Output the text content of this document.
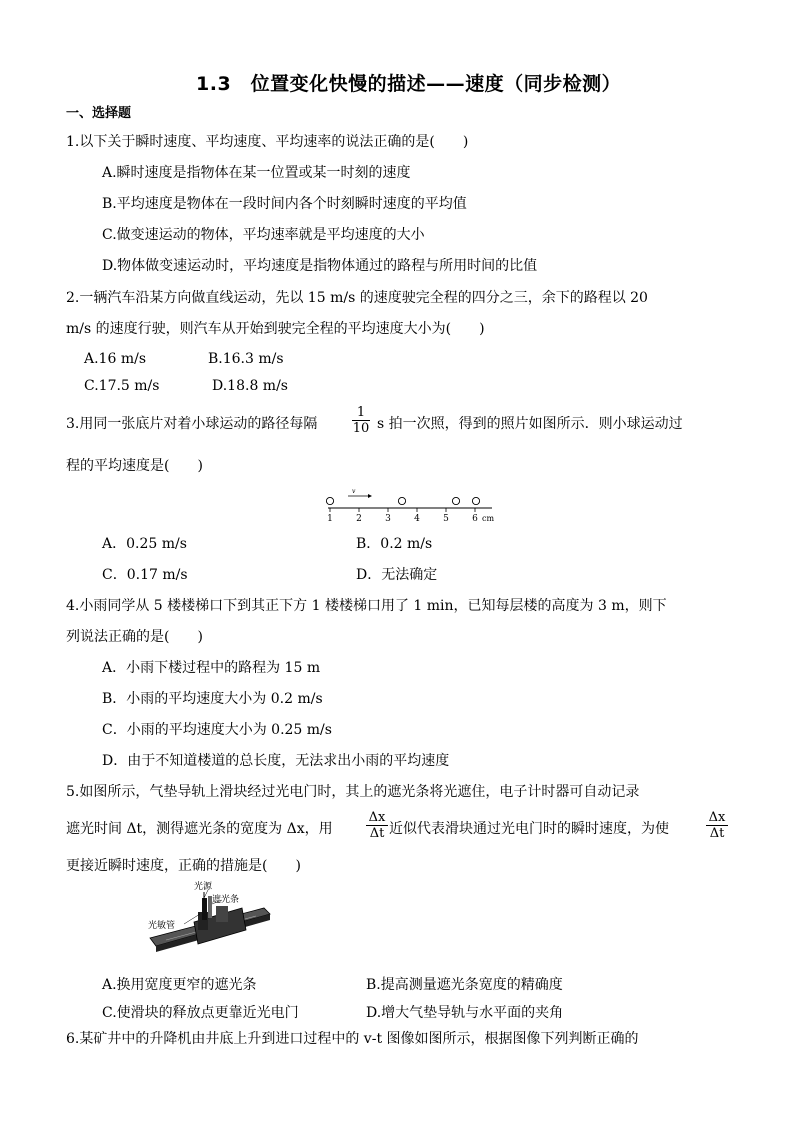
1.3　位置变化快慢的描述——速度（同步检测）
一、选择题
1.以下关于瞬时速度、平均速度、平均速率的说法正确的是(　　)
A.瞬时速度是指物体在某一位置或某一时刻的速度
B.平均速度是物体在一段时间内各个时刻瞬时速度的平均值
C.做变速运动的物体，平均速率就是平均速度的大小
D.物体做变速运动时，平均速度是指物体通过的路程与所用时间的比值
2.一辆汽车沿某方向做直线运动，先以 15 m/s 的速度驶完全程的四分之三，余下的路程以 20
m/s 的速度行驶，则汽车从开始到驶完全程的平均速度大小为(　　)
A.16 m/s	B.16.3 m/s
C.17.5 m/s	D.18.8 m/s
3.用同一张底片对着小球运动的路径每隔	$\frac{1}{10}$ s 拍一次照，得到的照片如图所示．则小球运动过
程的平均速度是(　　)
v
1	2	3	4	5	6 cm
A．0.25 m/s	B．0.2 m/s
C．0.17 m/s	D．无法确定
4.小雨同学从 5 楼楼梯口下到其正下方 1 楼楼梯口用了 1 min，已知每层楼的高度为 3 m，则下
列说法正确的是(　　)
A．小雨下楼过程中的路程为 15 m
B．小雨的平均速度大小为 0.2 m/s
C．小雨的平均速度大小为 0.25 m/s
D．由于不知道楼道的总长度，无法求出小雨的平均速度
5.如图所示，气垫导轨上滑块经过光电门时，其上的遮光条将光遮住，电子计时器可自动记录
遮光时间 Δt，测得遮光条的宽度为 Δx，用	$\frac{\Delta x}{\Delta t}$ 近似代表滑块通过光电门时的瞬时速度，为使	$\frac{\Delta x}{\Delta t}$
更接近瞬时速度，正确的措施是(　　)
光源
遮光条
光敏管
A.换用宽度更窄的遮光条	B.提高测量遮光条宽度的精确度
C.使滑块的释放点更靠近光电门	D.增大气垫导轨与水平面的夹角
6.某矿井中的升降机由井底上升到进口过程中的 v-t 图像如图所示，根据图像下列判断正确的
